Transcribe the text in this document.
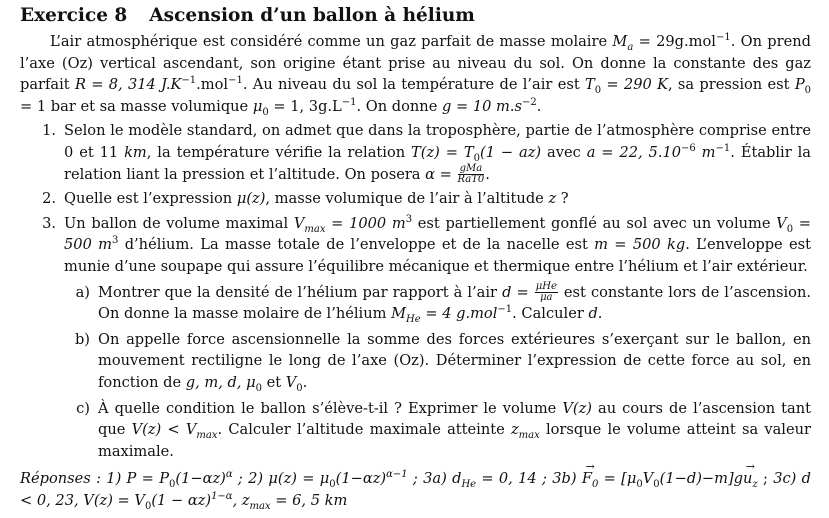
Exercice 8 Ascension d’un ballon à hélium

L’air atmosphérique est considéré comme un gaz parfait de masse molaire $M_a = 29g.mol^{-1}$. On prend l’axe (Oz) vertical ascendant, son origine étant prise au niveau du sol. On donne la constante des gaz parfait R = 8, 314 $J.K^{-1}.mol^{-1}$. Au niveau du sol la température de l’air est $T_0 = 290$ K, sa pression est $P_0 = 1$ bar et sa masse volumique $\mu_0 = 1$, $3g.L^{-1}$. On donne g = 10 $m.s^{-2}$.

1. Selon le modèle standard, on admet que dans la troposphère, partie de l’atmosphère comprise entre 0 et 11 km, la température vérifie la relation $T(z) = T_0(1 - az)$ avec a = 22, $5.10^{-6}$ $m^{-1}$. Établir la relation liant la pression et l’altitude. On posera $\alpha = \frac{\text{gMa}}{\text{RaT0}}$ .
2. Quelle est l’expression μ(z), masse volumique de l’air à l’altitude z ?
3. Un ballon de volume maximal $V_{max} = 1000$ $m^3$ est partiellement gonflé au sol avec un volume $V_0 = 500$ $m^3$ d’hélium. La masse totale de l’enveloppe et de la nacelle est m = 500 kg. L’enveloppe est munie d’une soupape qui assure l’équilibre mécanique et thermique entre l’hélium et l’air extérieur.
a) Montrer que la densité de l’hélium par rapport à l’air $d = \frac{\text{μHe}}{\mu a}$ est constante lors de l’ascension. On donne la masse molaire de l’hélium $M_{He} = 4$ g.mol$^{-1}$. Calculer d.
b) On appelle force ascensionnelle la somme des forces extérieures s’exerçant sur le ballon, en mouvement rectiligne le long de l’axe (Oz). Déterminer l’expression de cette force au sol, en fonction de g, m, d, $\mu_0$ et $V_0$.
c) À quelle condition le ballon s’élève-t-il ? Exprimer le volume V(z) au cours de l’ascension tant que $V(z) < V_{max}$. Calculer l’altitude maximale atteinte $z_{max}$ lorsque le volume atteint sa valeur maximale.
Réponses : 1) $P = P_0(1-\alpha z)^\alpha$ ; 2) $\mu(z) = \mu_0(1-\alpha z)^{\alpha-1}$ ; 3a) $d_{He} = 0$, 14 ; $3b) \to F_0 = [\mu_0V_0(1-d)-m]g\to u_z$ ; 3c) d < 0, 23, $V(z) = V_0(1 - \alpha z)^{1-\alpha}$, $z_{max} = 6$, 5 km
